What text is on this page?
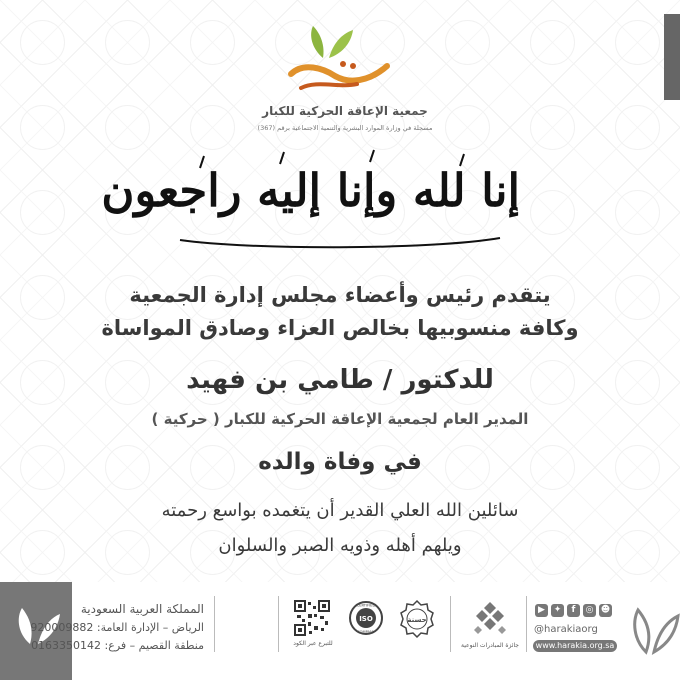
جمعية الإعاقة الحركية للكبار
مسجلة في وزارة الموارد البشرية والتنمية الاجتماعية برقم (367)
إنا لله وإنا إليه راجعون
يتقدم رئيس وأعضاء مجلس إدارة الجمعية
وكافة منسوبيها بخالص العزاء وصادق المواساة
للدكتور / طامي بن فهيد
المدير العام لجمعية الإعاقة الحركية للكبار ( حركية )
في وفاة والده
سائلين الله العلي القدير أن يتغمده بواسع رحمته
ويلهم أهله وذويه الصبر والسلوان
المملكة العربية السعودية
الرياض – الإدارة العامة: 920009882
منطقة القصيم – فرع: 0163350142	للتبرع عبر الكود
ISO
CERTIFIED
COMPANY
حسنة
جائزة المبادرات النوعية
▶ ✦	f	◎ ☻
@harakiaorg
www.harakia.org.sa
